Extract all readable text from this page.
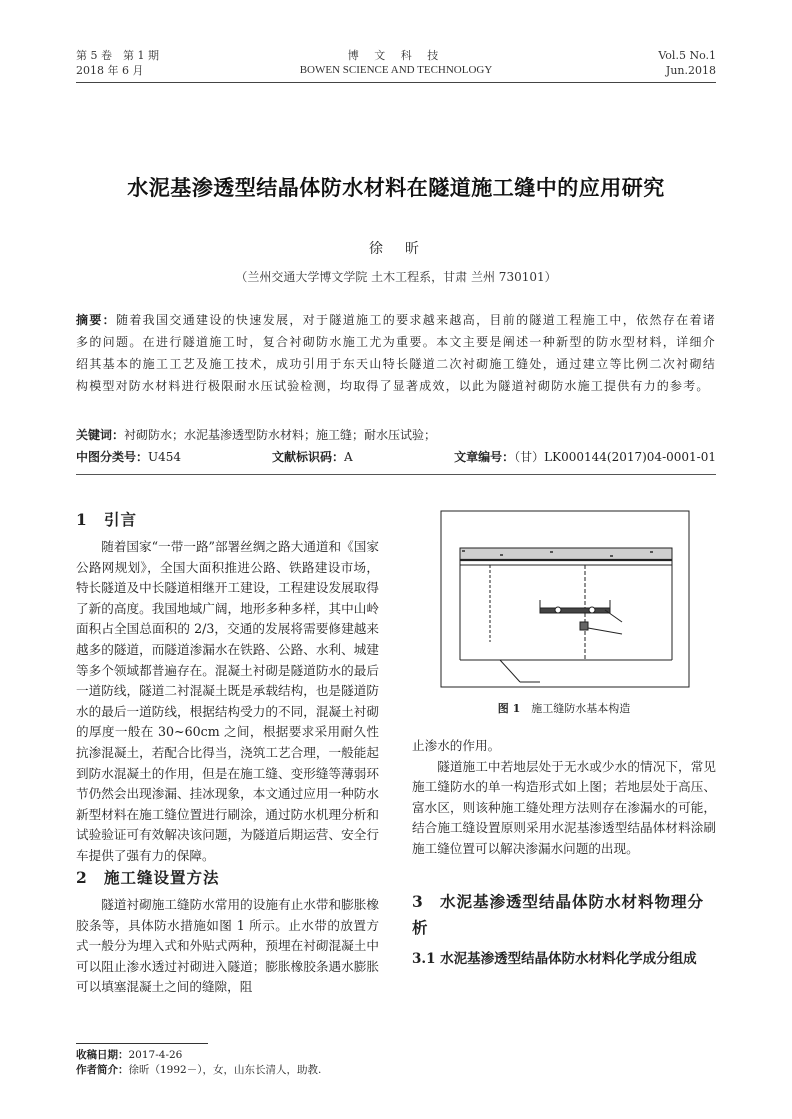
第 5 卷　第 1 期
2018 年 6 月
博 文 科 技
BOWEN SCIENCE AND TECHNOLOGY
Vol.5 No.1
Jun.2018
水泥基渗透型结晶体防水材料在隧道施工缝中的应用研究
徐　昕
（兰州交通大学博文学院 土木工程系，甘肃 兰州 730101）
摘要：随着我国交通建设的快速发展，对于隧道施工的要求越来越高，目前的隧道工程施工中，依然存在着诸多的问题。在进行隧道施工时，复合衬砌防水施工尤为重要。本文主要是阐述一种新型的防水型材料，详细介绍其基本的施工工艺及施工技术，成功引用于东天山特长隧道二次衬砌施工缝处，通过建立等比例二次衬砌结构模型对防水材料进行极限耐水压试验检测，均取得了显著成效，以此为隧道衬砌防水施工提供有力的参考。
关键词：衬砌防水；水泥基渗透型防水材料；施工缝；耐水压试验；
中图分类号：U454	文献标识码：A	文章编号：（甘）LK000144(2017)04-0001-01
1 引言

随着国家“一带一路”部署丝绸之路大通道和《国家公路网规划》，全国大面积推进公路、铁路建设市场，特长隧道及中长隧道相继开工建设，工程建设发展取得了新的高度。我国地域广阔，地形多种多样，其中山岭面积占全国总面积的 2/3，交通的发展将需要修建越来越多的隧道，而隧道渗漏水在铁路、公路、水利、城建等多个领域都普遍存在。混凝土衬砌是隧道防水的最后一道防线，隧道二衬混凝土既是承载结构，也是隧道防水的最后一道防线，根据结构受力的不同，混凝土衬砌的厚度一般在 30~60cm 之间，根据要求采用耐久性抗渗混凝土，若配合比得当，浇筑工艺合理，一般能起到防水混凝土的作用，但是在施工缝、变形缝等薄弱环节仍然会出现渗漏、挂冰现象，本文通过应用一种防水新型材料在施工缝位置进行刷涂，通过防水机理分析和试验验证可有效解决该问题，为隧道后期运营、安全行车提供了强有力的保障。

2 施工缝设置方法

隧道衬砌施工缝防水常用的设施有止水带和膨胀橡胶条等，具体防水措施如图 1 所示。止水带的放置方式一般分为埋入式和外贴式两种，预埋在衬砌混凝土中可以阻止渗水透过衬砌进入隧道；膨胀橡胶条遇水膨胀可以填塞混凝土之间的缝隙，阻

图 1　 施工缝防水基本构造
止渗水的作用。

隧道施工中若地层处于无水或少水的情况下，常见施工缝防水的单一构造形式如上图；若地层处于高压、富水区，则该种施工缝处理方法则存在渗漏水的可能，结合施工缝设置原则采用水泥基渗透型结晶体材料涂刷施工缝位置可以解决渗漏水问题的出现。

3 水泥基渗透型结晶体防水材料物理分析
3.1 水泥基渗透型结晶体防水材料化学成分组成
收稿日期：2017-4-26
作者简介：徐昕（1992－），女，山东长清人，助教.
